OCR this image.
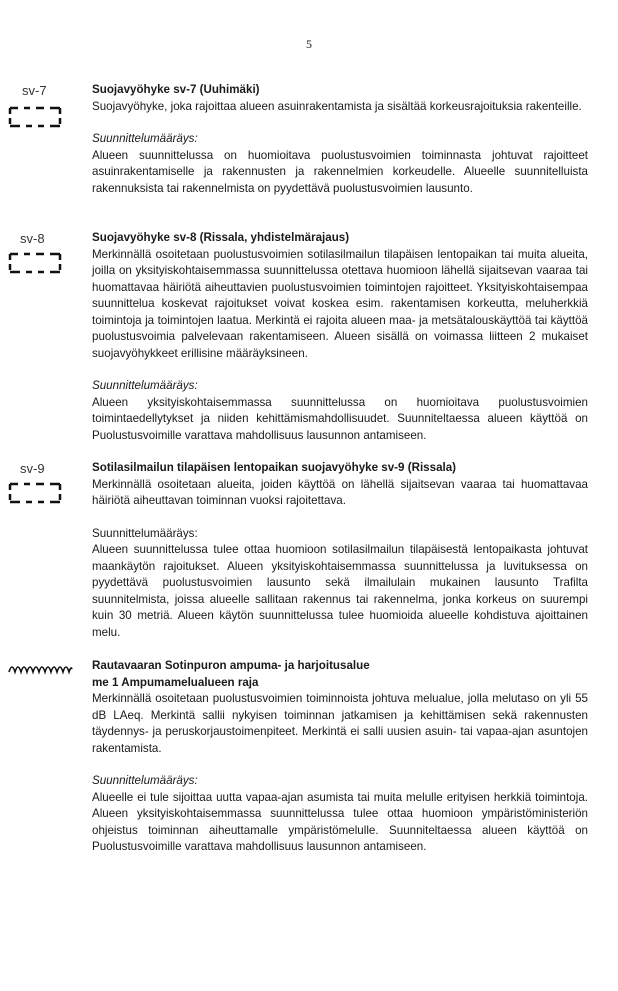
5
sv-7	Suojavyöhyke sv-7 (Uuhimäki)

Suojavyöhyke, joka rajoittaa alueen asuinrakentamista ja sisältää korkeusrajoituksia rakenteille.

Suunnittelumääräys:

Alueen suunnittelussa on huomioitava puolustusvoimien toiminnasta johtuvat rajoitteet asuinrakentamiselle ja rakennusten ja rakennelmien korkeudelle. Alueelle suunnitelluista rakennuksista tai rakennelmista on pyydettävä puolustusvoimien lausunto.

sv-8	Suojavyöhyke sv-8 (Rissala, yhdistelmärajaus)

Merkinnällä osoitetaan puolustusvoimien sotilasilmailun tilapäisen lentopaikan tai muita alueita, joilla on yksityiskohtaisemmassa suunnittelussa otettava huomioon lähellä sijaitsevan vaaraa tai huomattavaa häiriötä aiheuttavien puolustusvoimien toimintojen rajoitteet. Yksityiskohtaisempaa suunnittelua koskevat rajoitukset voivat koskea esim. rakentamisen korkeutta, meluherkkiä toimintoja ja toimintojen laatua. Merkintä ei rajoita alueen maa- ja metsätalouskäyttöä tai käyttöä puolustusvoimia palvelevaan rakentamiseen. Alueen sisällä on voimassa liitteen 2 mukaiset suojavyöhykkeet erillisine määräyksineen.

Suunnittelumääräys:

Alueen yksityiskohtaisemmassa suunnittelussa on huomioitava puolustusvoimien toimintaedellytykset ja niiden kehittämismahdollisuudet. Suunniteltaessa alueen käyttöä on Puolustusvoimille varattava mahdollisuus lausunnon antamiseen.

sv-9	Sotilasilmailun tilapäisen lentopaikan suojavyöhyke sv-9 (Rissala)

Merkinnällä osoitetaan alueita, joiden käyttöä on lähellä sijaitsevan vaaraa tai huomattavaa häiriötä aiheuttavan toiminnan vuoksi rajoitettava.

Suunnittelumääräys:

Alueen suunnittelussa tulee ottaa huomioon sotilasilmailun tilapäisestä lentopaikasta johtuvat maankäytön rajoitukset. Alueen yksityiskohtaisemmassa suunnittelussa ja luvituksessa on pyydettävä puolustusvoimien lausunto sekä ilmailulain mukainen lausunto Trafilta suunnitelmista, joissa alueelle sallitaan rakennus tai rakennelma, jonka korkeus on suurempi kuin 30 metriä. Alueen käytön suunnittelussa tulee huomioida alueelle kohdistuva ajoittainen melu.

Rautavaaran Sotinpuron ampuma- ja harjoitusalue

me 1 Ampumamelualueen raja

Merkinnällä osoitetaan puolustusvoimien toiminnoista johtuva melualue, jolla melutaso on yli 55 dB LAeq. Merkintä sallii nykyisen toiminnan jatkamisen ja kehittämisen sekä rakennusten täydennys- ja peruskorjaustoimenpiteet. Merkintä ei salli uusien asuin- tai vapaa-ajan asuntojen rakentamista.

Suunnittelumääräys:

Alueelle ei tule sijoittaa uutta vapaa-ajan asumista tai muita melulle erityisen herkkiä toimintoja. Alueen yksityiskohtaisemmassa suunnittelussa tulee ottaa huomioon ympäristöministeriön ohjeistus toiminnan aiheuttamalle ympäristömelulle. Suunniteltaessa alueen käyttöä on Puolustusvoimille varattava mahdollisuus lausunnon antamiseen.
